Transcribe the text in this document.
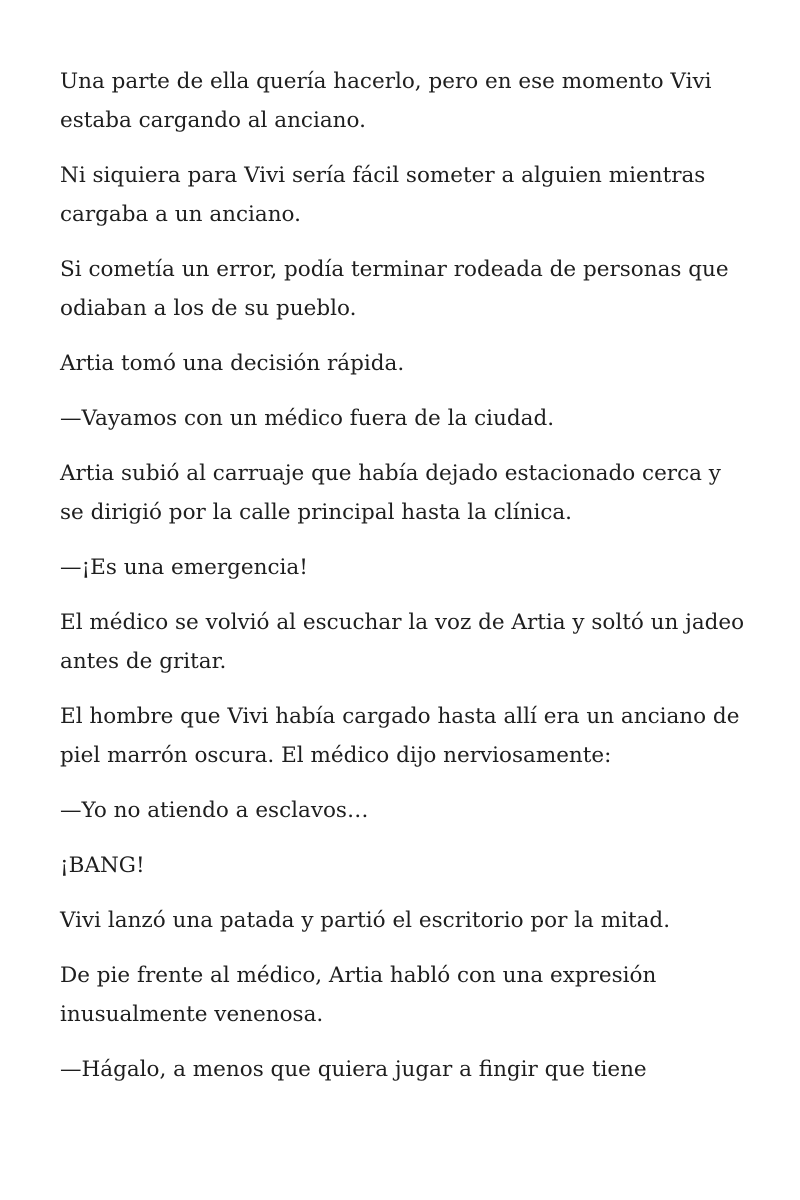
Una parte de ella quería hacerlo, pero en ese momento Vivi estaba cargando al anciano.

Ni siquiera para Vivi sería fácil someter a alguien mientras cargaba a un anciano.

Si cometía un error, podía terminar rodeada de personas que odiaban a los de su pueblo.

Artia tomó una decisión rápida.

—Vayamos con un médico fuera de la ciudad.

Artia subió al carruaje que había dejado estacionado cerca y se dirigió por la calle principal hasta la clínica.

—¡Es una emergencia!

El médico se volvió al escuchar la voz de Artia y soltó un jadeo antes de gritar.

El hombre que Vivi había cargado hasta allí era un anciano de piel marrón oscura. El médico dijo nerviosamente:

—Yo no atiendo a esclavos…

¡BANG!

Vivi lanzó una patada y partió el escritorio por la mitad.

De pie frente al médico, Artia habló con una expresión inusualmente venenosa.

—Hágalo, a menos que quiera jugar a fingir que tiene
